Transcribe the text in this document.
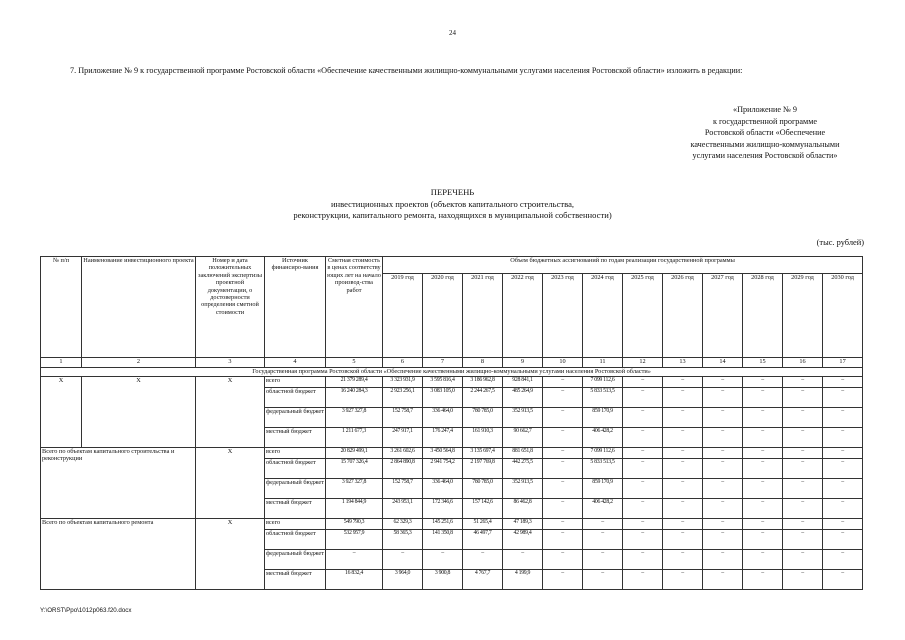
24
7. Приложение № 9 к государственной программе Ростовской области «Обеспечение качественными жилищно-коммунальными услугами населения Ростовской области» изложить в редакции:
«Приложение № 9
к государственной программе
Ростовской области «Обеспечение
качественными жилищно-коммунальными
услугами населения Ростовской области»
ПЕРЕЧЕНЬ
инвестиционных проектов (объектов капитального строительства,
реконструкции, капитального ремонта, находящихся в муниципальной собственности)
(тыс. рублей)
№ п/п	Наименование инвестиционного проекта	Номер и дата положительных заключений экспертизы проектной документации, о достоверности определения сметной стоимости	Источник финансиро-вания	Сметная стоимость в ценах соответству ющих лет на начало производ-ства работ	Объем бюджетных ассигнований по годам реализации государственной программы											
					2019 год	2020 год	2021 год	2022 год	2023 год	2024 год	2025 год	2026 год	2027 год	2028 год	2029 год	2030 год
1	2	3	4	5	6	7	8	9	10	11	12	13	14	15	16	17
Государственная программа Ростовской области «Обеспечение качественными жилищно-коммунальными услугами населения Ростовской области»																
Х	Х	Х	всего	21 379 289,4	3 323 931,9	3 595 816,4	3 186 962,8	928 841,1	–	7 099 112,6	–	–	–	–	–	–
			областной бюджет	16 240 284,3	2 923 256,1	3 083 105,0	2 244 267,5	485 264,9	–	5 833 513,5	–	–	–	–	–	–
			федеральный бюджет	3 927 327,8	152 758,7	336 464,0	780 785,0	352 913,5	–	859 170,9	–	–	–	–	–	–
			местный бюджет	1 211 677,3	247 917,1	176 247,4	161 910,3	90 662,7	–	406 428,2	–	–	–	–	–	–
Всего по объектам капитального строительства и реконструкции		Х	всего	20 829 499,1	3 261 602,6	3 450 564,8	3 135 697,4	881 651,8	–	7 099 112,6	–	–	–	–	–	–
			областной бюджет	15 707 326,4	2 864 890,8	2 941 754,2	2 197 769,8	442 275,5	–	5 833 513,5	–	–	–	–	–	–
			федеральный бюджет	3 927 327,8	152 758,7	336 464,0	780 785,0	352 913,5	–	859 170,9	–	–	–	–	–	–
			местный бюджет	1 194 844,9	243 953,1	172 346,6	157 142,6	86 462,8	–	406 428,2	–	–	–	–	–	–
Всего по объектам капитального ремонта		Х	всего	549 790,3	62 329,3	145 251,6	51 265,4	47 189,3	–	–	–	–	–	–	–	–
			областной бюджет	532 957,9	58 365,3	141 350,8	46 497,7	42 989,4	–	–	–	–	–	–	–	–
			федеральный бюджет	–	–	–	–	–	–	–	–	–	–	–	–	–
			местный бюджет	16 832,4	3 964,0	3 900,8	4 767,7	4 199,9	–	–	–	–	–	–	–	–
Y:\ORST\Ppo\1012p063.f20.docx
